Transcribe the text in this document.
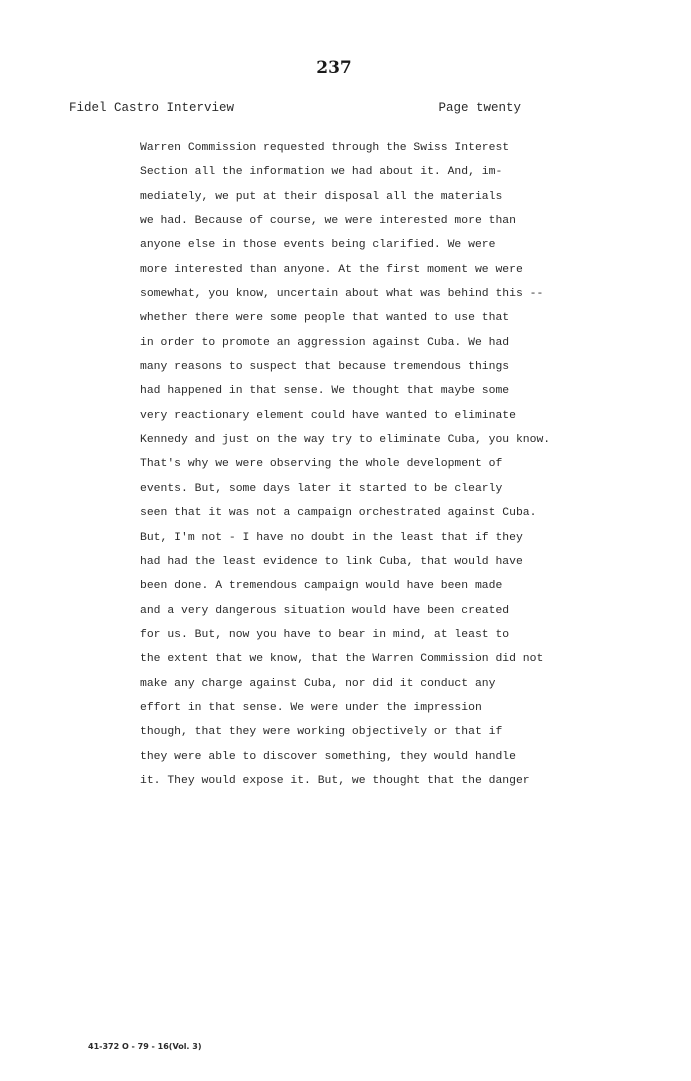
237
Fidel Castro Interview	Page twenty
Warren Commission requested through the Swiss Interest
Section all the information we had about it. And, im-
mediately, we put at their disposal all the materials
we had. Because of course, we were interested more than
anyone else in those events being clarified. We were
more interested than anyone. At the first moment we were
somewhat, you know, uncertain about what was behind this --
whether there were some people that wanted to use that
in order to promote an aggression against Cuba. We had
many reasons to suspect that because tremendous things
had happened in that sense. We thought that maybe some
very reactionary element could have wanted to eliminate
Kennedy and just on the way try to eliminate Cuba, you know.
That's why we were observing the whole development of
events. But, some days later it started to be clearly
seen that it was not a campaign orchestrated against Cuba.
But, I'm not - I have no doubt in the least that if they
had had the least evidence to link Cuba, that would have
been done. A tremendous campaign would have been made
and a very dangerous situation would have been created
for us. But, now you have to bear in mind, at least to
the extent that we know, that the Warren Commission did not
make any charge against Cuba, nor did it conduct any
effort in that sense. We were under the impression
though, that they were working objectively or that if
they were able to discover something, they would handle
it. They would expose it. But, we thought that the danger
41-372 O - 79 - 16(Vol. 3)
